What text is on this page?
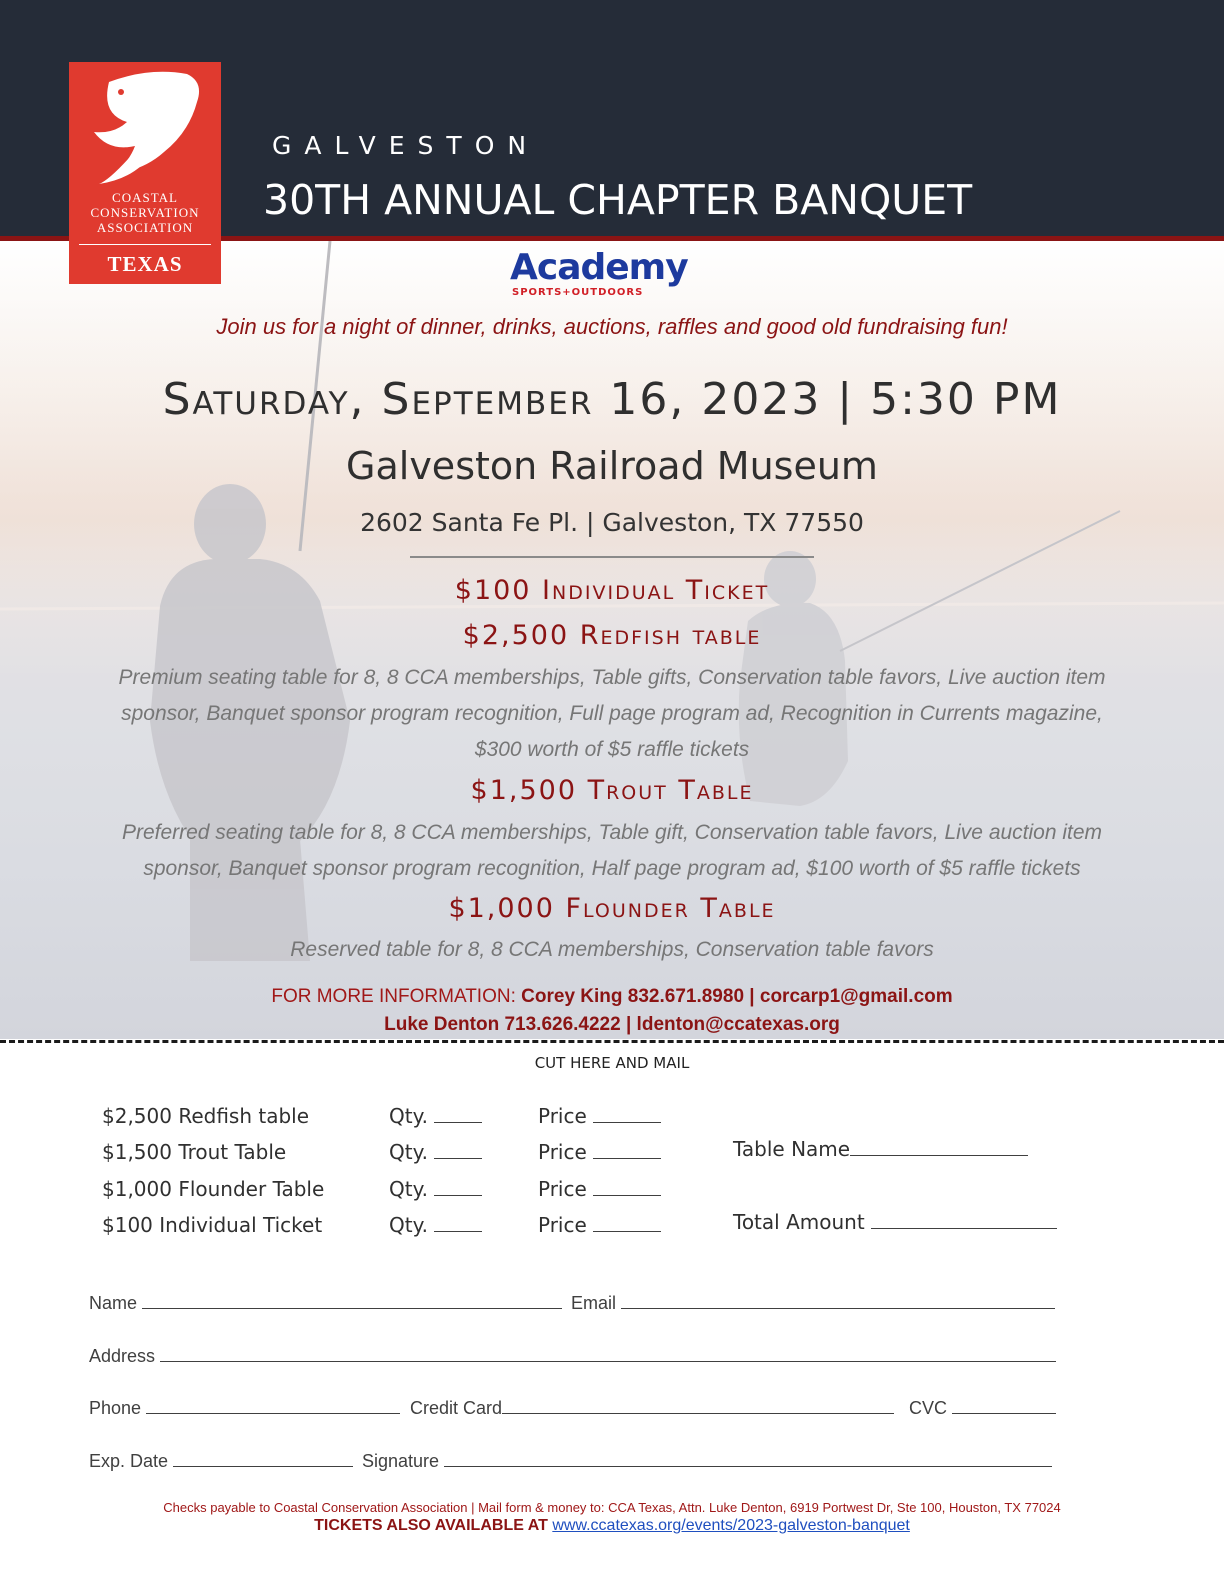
COASTAL
CONSERVATION
ASSOCIATION
TEXAS
GALVESTON
30TH ANNUAL CHAPTER BANQUET
Academy
SPORTS+OUTDOORS
Join us for a night of dinner, drinks, auctions, raffles and good old fundraising fun!
Saturday, September 16, 2023 | 5:30 PM
Galveston Railroad Museum
2602 Santa Fe Pl. | Galveston, TX 77550
$100 Individual Ticket
$2,500 Redfish table
Premium seating table for 8, 8 CCA memberships, Table gifts, Conservation table favors, Live auction item
sponsor, Banquet sponsor program recognition, Full page program ad, Recognition in Currents magazine,
$300 worth of $5 raffle tickets
$1,500 Trout Table
Preferred seating table for 8, 8 CCA memberships, Table gift, Conservation table favors, Live auction item
sponsor, Banquet sponsor program recognition, Half page program ad, $100 worth of $5 raffle tickets
$1,000 Flounder Table
Reserved table for 8, 8 CCA memberships, Conservation table favors
FOR MORE INFORMATION: Corey King 832.671.8980 | corcarp1@gmail.com
Luke Denton 713.626.4222 | ldenton@ccatexas.org
CUT HERE AND MAIL
$2,500 Redfish table	Qty.	Price
$1,500 Trout Table	Qty.	Price
$1,000 Flounder Table	Qty.	Price
$100 Individual Ticket	Qty.	Price
Table Name
Total Amount
Name	Email
Address
Phone	Credit Card	CVC
Exp. Date	Signature
Checks payable to Coastal Conservation Association | Mail form & money to: CCA Texas, Attn. Luke Denton, 6919 Portwest Dr, Ste 100, Houston, TX 77024
TICKETS ALSO AVAILABLE AT www.ccatexas.org/events/2023-galveston-banquet
